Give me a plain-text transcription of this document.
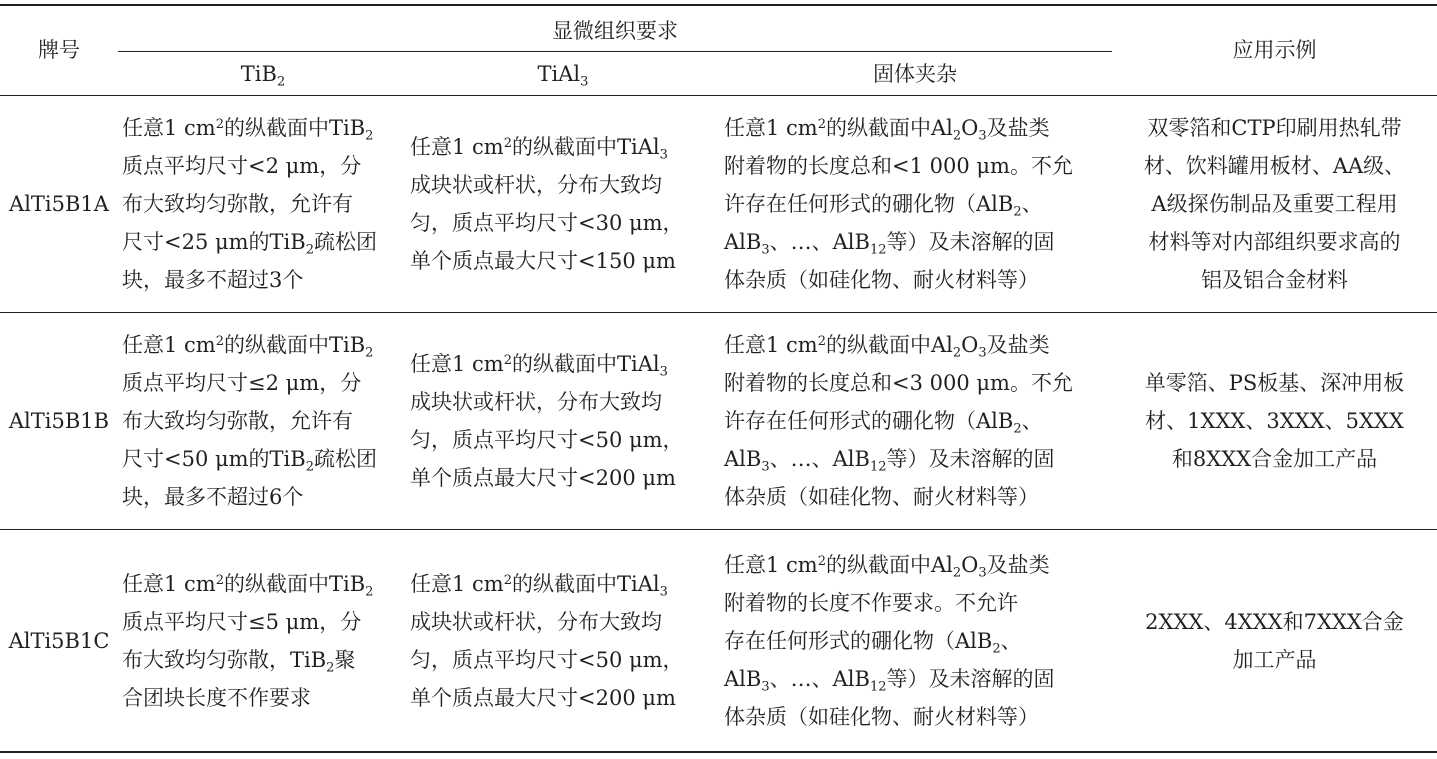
牌号
显微组织要求
应用示例
TiB$_2$	TiAl$_3$	固体夹杂
AlTi5B1A
任意1 $cm^2$的纵截面中TiB$_2$
质点平均尺寸<2 μm，分
布大致均匀弥散，允许有
尺寸<25 μm的TiB$_2$疏松团
块，最多不超过3个
任意1 $cm^2$的纵截面中TiAl$_3$
成块状或杆状，分布大致均
匀，质点平均尺寸<30 μm，
单个质点最大尺寸<150 μm
任意1 $cm^2$的纵截面中$Al_2O_3$及盐类
附着物的长度总和<1 000 μm。不允
许存在任何形式的硼化物（AlB$_2$、
AlB$_3$、…、AlB$_{12}$等）及未溶解的固
体杂质（如硅化物、耐火材料等）
双零箔和CTP印刷用热轧带
材、饮料罐用板材、AA级、
A级探伤制品及重要工程用
材料等对内部组织要求高的
铝及铝合金材料
AlTi5B1B
任意1 $cm^2$的纵截面中TiB$_2$
质点平均尺寸≤2 μm，分
布大致均匀弥散，允许有
尺寸<50 μm的TiB$_2$疏松团
块，最多不超过6个
任意1 $cm^2$的纵截面中TiAl$_3$
成块状或杆状，分布大致均
匀，质点平均尺寸<50 μm，
单个质点最大尺寸<200 μm
任意1 $cm^2$的纵截面中$Al_2O_3$及盐类
附着物的长度总和<3 000 μm。不允
许存在任何形式的硼化物（AlB$_2$、
AlB$_3$、…、AlB$_{12}$等）及未溶解的固
体杂质（如硅化物、耐火材料等）
单零箔、PS板基、深冲用板
材、1XXX、3XXX、5XXX
和8XXX合金加工产品
AlTi5B1C
任意1 $cm^2$的纵截面中TiB$_2$
质点平均尺寸≤5 μm，分
布大致均匀弥散，TiB$_2$聚
合团块长度不作要求
任意1 $cm^2$的纵截面中TiAl$_3$
成块状或杆状，分布大致均
匀，质点平均尺寸<50 μm，
单个质点最大尺寸<200 μm
任意1 $cm^2$的纵截面中$Al_2O_3$及盐类
附着物的长度不作要求。不允许
存在任何形式的硼化物（AlB$_2$、
AlB$_3$、…、AlB$_{12}$等）及未溶解的固
体杂质（如硅化物、耐火材料等）
2XXX、4XXX和7XXX合金
加工产品
